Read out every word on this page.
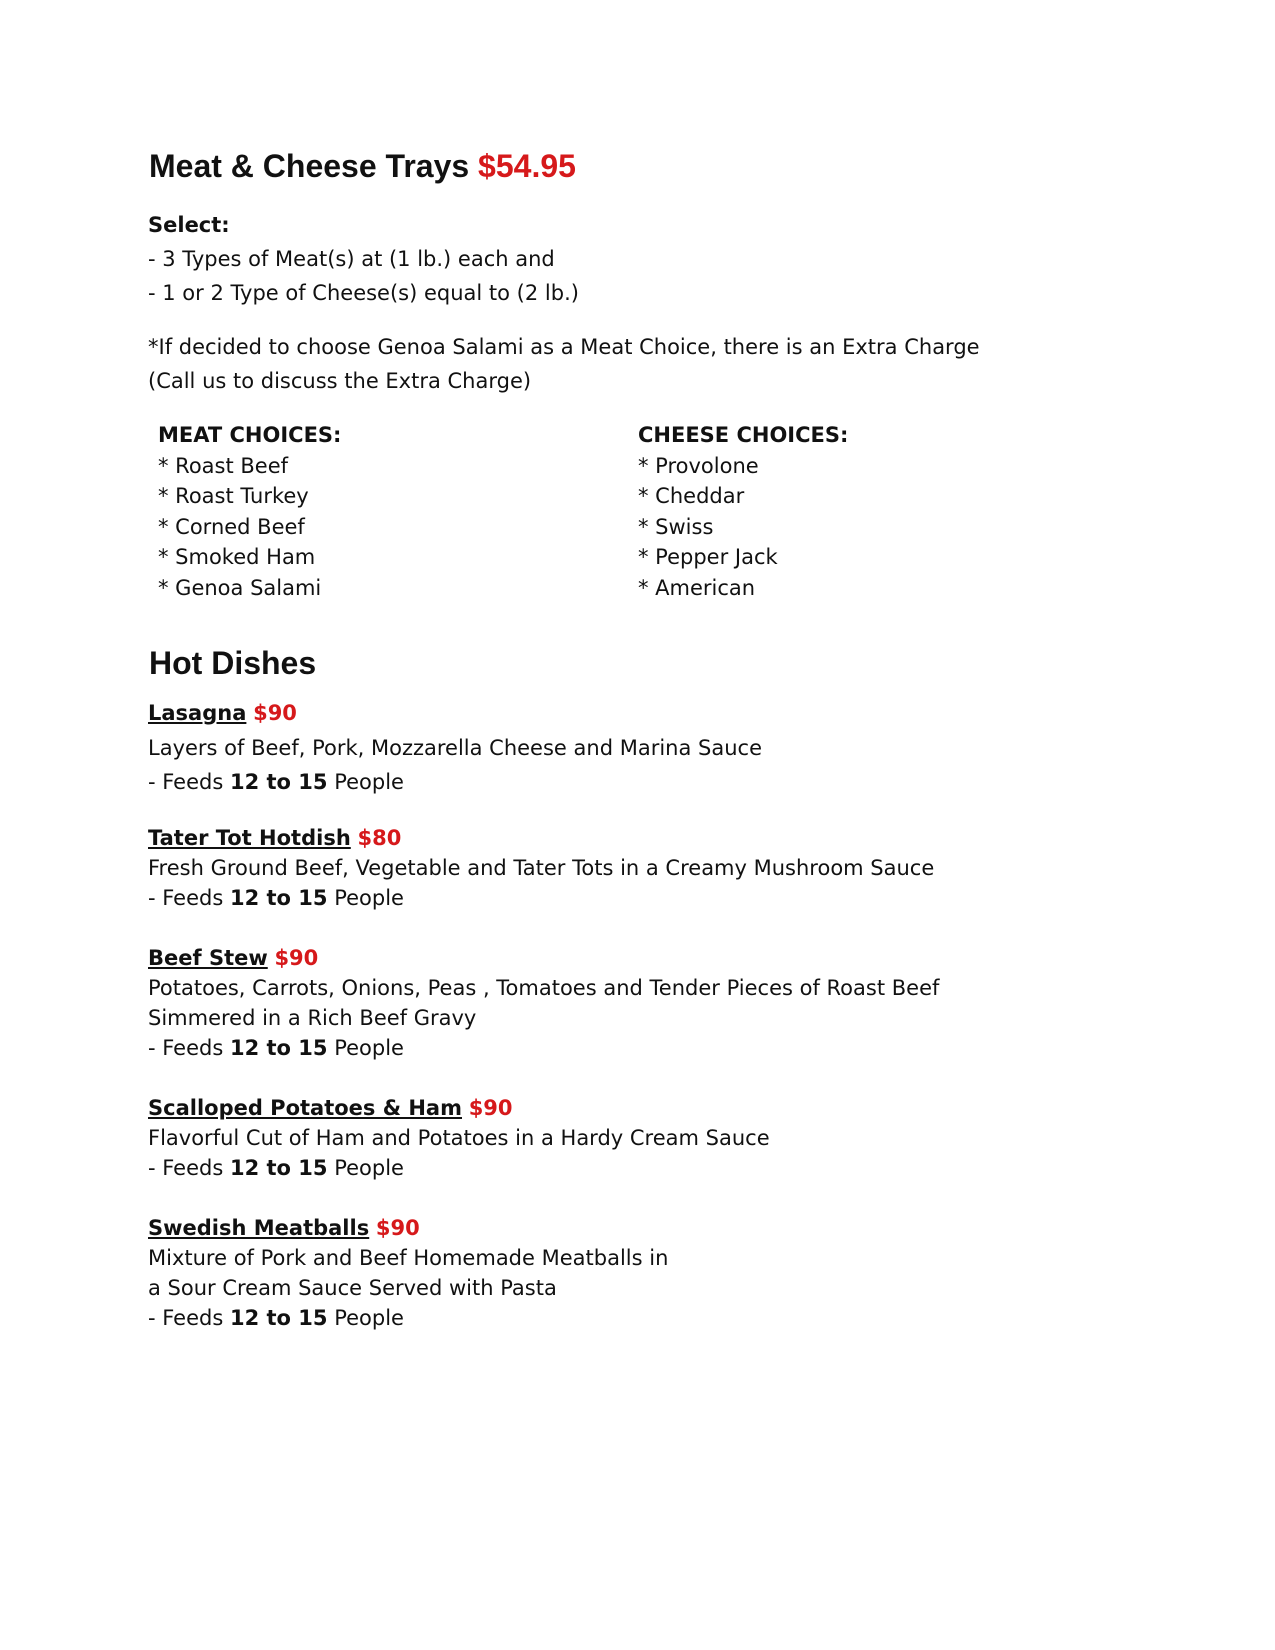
Meat & Cheese Trays $54.95

Select:

- 3 Types of Meat(s) at (1 lb.) each and

- 1 or 2 Type of Cheese(s) equal to (2 lb.)

*If decided to choose Genoa Salami as a Meat Choice, there is an Extra Charge

(Call us to discuss the Extra Charge)

MEAT CHOICES:
* Roast Beef
* Roast Turkey
* Corned Beef
* Smoked Ham
* Genoa Salami
CHEESE CHOICES:
* Provolone
* Cheddar
* Swiss
* Pepper Jack
* American
Hot Dishes

Lasagna $90

Layers of Beef, Pork, Mozzarella Cheese and Marina Sauce

- Feeds 12 to 15 People

Tater Tot Hotdish $80

Fresh Ground Beef, Vegetable and Tater Tots in a Creamy Mushroom Sauce

- Feeds 12 to 15 People

Beef Stew $90

Potatoes, Carrots, Onions, Peas , Tomatoes and Tender Pieces of Roast Beef

Simmered in a Rich Beef Gravy

- Feeds 12 to 15 People

Scalloped Potatoes & Ham $90

Flavorful Cut of Ham and Potatoes in a Hardy Cream Sauce

- Feeds 12 to 15 People

Swedish Meatballs $90

Mixture of Pork and Beef Homemade Meatballs in

a Sour Cream Sauce Served with Pasta

- Feeds 12 to 15 People
